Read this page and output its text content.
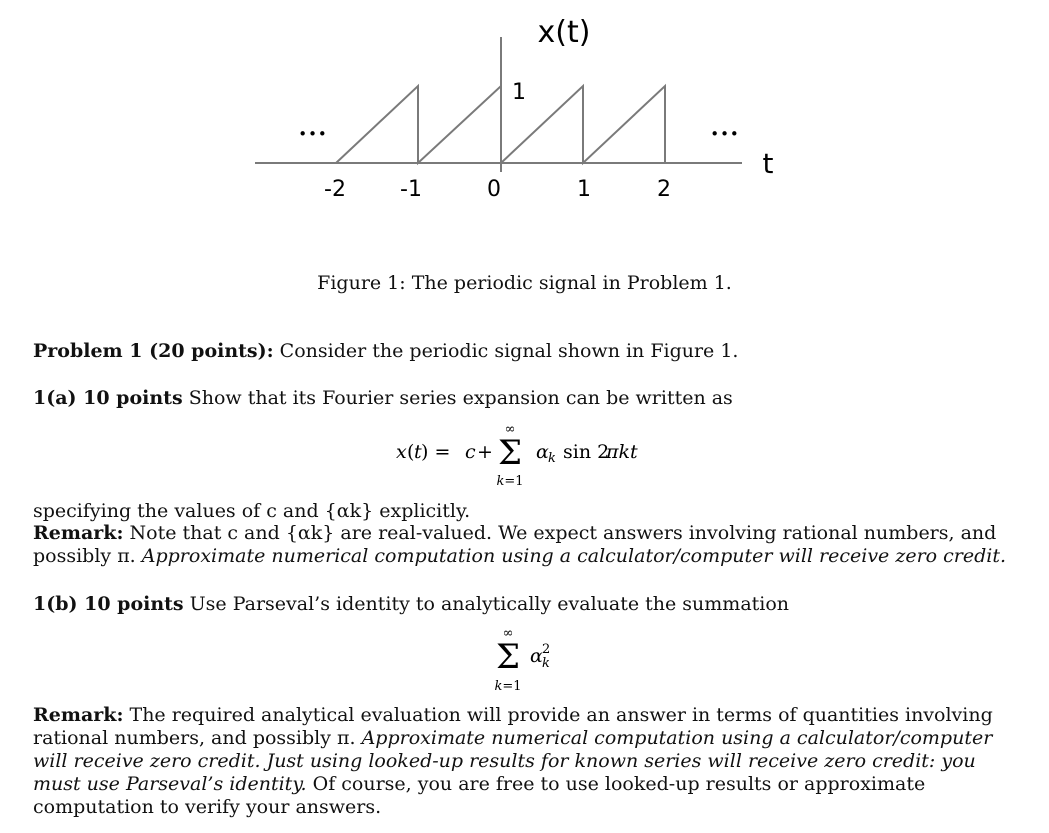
x(t)
1
•••	•••
t
-2 -1	0	1	2
Figure 1: The periodic signal in Problem 1.
Problem 1 (20 points): Consider the periodic signal shown in Figure 1.
1(a) 10 points Show that its Fourier series expansion can be written as
x ( t ) = c +
∞
Σ
k=1
α k sin 2
πkt
specifying the values of c and {αk} explicitly.
Remark: Note that c and {αk} are real-valued. We expect answers involving rational numbers, and possibly π. Approximate numerical computation using a calculator/computer will receive zero credit.
1(b) 10 points Use Parseval’s identity to analytically evaluate the summation
∞
Σ
k=1
α 2
k
Remark: The required analytical evaluation will provide an answer in terms of quantities involving rational numbers, and possibly π. Approximate numerical computation using a calculator/computer will receive zero credit. Just using looked-up results for known series will receive zero credit: you must use Parseval’s identity. Of course, you are free to use looked-up results or approximate computation to verify your answers.
